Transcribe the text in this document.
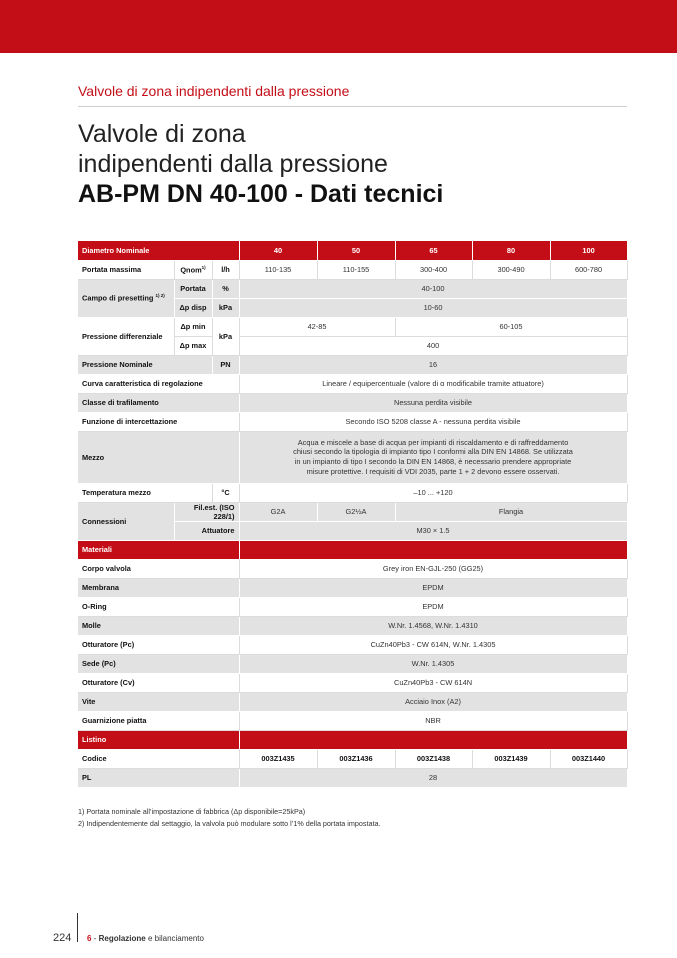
Valvole di zona indipendenti dalla pressione
Valvole di zona
indipendenti dalla pressione
AB-PM DN 40-100 - Dati tecnici
Diametro Nominale			40	50	65	80	100
Portata massima	Qnom$^{1)}$	l/h	110-135	110-155	300-400	300-490	600-780
Campo di presetting $^{1) 2)}$	Portata	%	40-100				
	Δp disp	kPa	10-60				
Pressione differenziale	Δp min	kPa	42-85		60-105		
	Δp max		400				
Pressione Nominale		PN	16				
Curva caratteristica di regolazione			Lineare / equipercentuale (valore di α modificabile tramite attuatore)				
Classe di trafilamento			Nessuna perdita visibile				
Funzione di intercettazione			Secondo ISO 5208 classe A - nessuna perdita visibile				
Mezzo			Acqua e miscele a base di acqua per impianti di riscaldamento e di raffreddamento
chiusi secondo la tipologia di impianto tipo I conformi alla DIN EN 14868. Se utilizzata
in un impianto di tipo I secondo la DIN EN 14868, è necessario prendere appropriate
misure protettive. I requisiti di VDI 2035, parte 1 + 2 devono essere osservati.				

Temperatura mezzo		°C	–10 ... +120				
Connessioni	Fil.est. (ISO 228/1)		G2A	G2½A	Flangia		
	Attuatore		M30 × 1.5				
Materiali							
Corpo valvola			Grey iron EN-GJL-250 (GG25)				
Membrana			EPDM				
O-Ring			EPDM				
Molle			W.Nr. 1.4568, W.Nr. 1.4310				
Otturatore (Pc)			CuZn40Pb3 - CW 614N, W.Nr. 1.4305				
Sede (Pc)			W.Nr. 1.4305				
Otturatore (Cv)			CuZn40Pb3 - CW 614N				
Vite			Acciaio Inox (A2)				
Guarnizione piatta			NBR				
Listino							
Codice			003Z1435	003Z1436	003Z1438	003Z1439	003Z1440
PL			28				
1) Portata nominale all’impostazione di fabbrica (Δp disponibile=25kPa)
2) Indipendentemente dal settaggio, la valvola può modulare sotto l’1% della portata impostata.
224 6 - Regolazione e bilanciamento
